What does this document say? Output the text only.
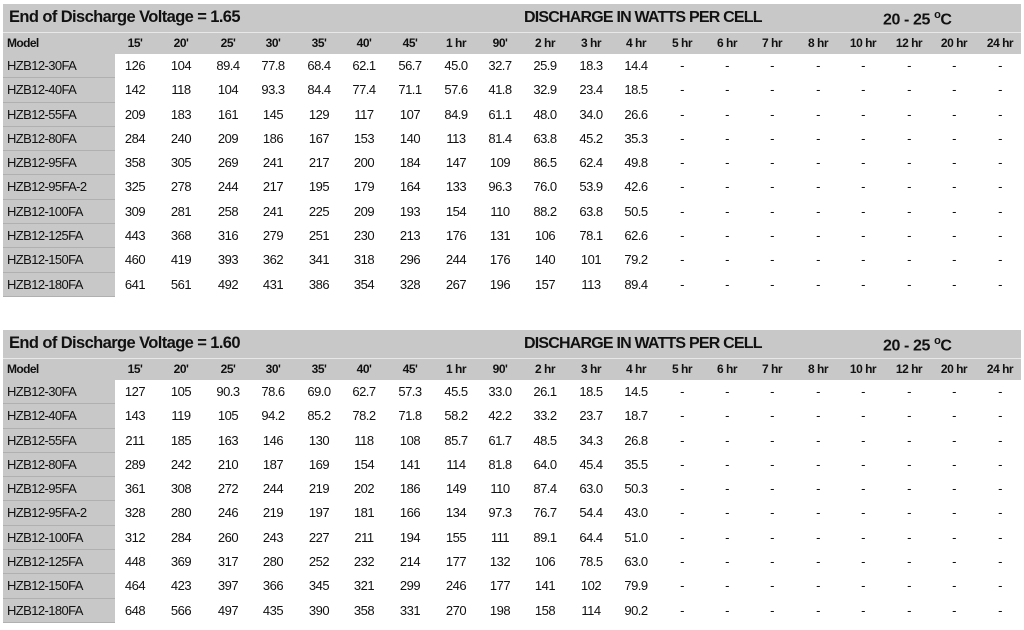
End of Discharge Voltage = 1.65	DISCHARGE IN WATTS PER CELL	20 - 25 $^o$C
Model	15'	20'	25'	30'	35'	40'	45'	1 hr	90'	2 hr	3 hr	4 hr	5 hr	6 hr	7 hr	8 hr	10 hr	12 hr	20 hr	24 hr
HZB12-30FA	126	104	89.4	77.8	68.4	62.1	56.7	45.0	32.7	25.9	18.3	14.4	-	-	-	-	-	-	-	-
HZB12-40FA	142	118	104	93.3	84.4	77.4	71.1	57.6	41.8	32.9	23.4	18.5	-	-	-	-	-	-	-	-
HZB12-55FA	209	183	161	145	129	117	107	84.9	61.1	48.0	34.0	26.6	-	-	-	-	-	-	-	-
HZB12-80FA	284	240	209	186	167	153	140	113	81.4	63.8	45.2	35.3	-	-	-	-	-	-	-	-
HZB12-95FA	358	305	269	241	217	200	184	147	109	86.5	62.4	49.8	-	-	-	-	-	-	-	-
HZB12-95FA-2	325	278	244	217	195	179	164	133	96.3	76.0	53.9	42.6	-	-	-	-	-	-	-	-
HZB12-100FA	309	281	258	241	225	209	193	154	110	88.2	63.8	50.5	-	-	-	-	-	-	-	-
HZB12-125FA	443	368	316	279	251	230	213	176	131	106	78.1	62.6	-	-	-	-	-	-	-	-
HZB12-150FA	460	419	393	362	341	318	296	244	176	140	101	79.2	-	-	-	-	-	-	-	-
HZB12-180FA	641	561	492	431	386	354	328	267	196	157	113	89.4	-	-	-	-	-	-	-	-
End of Discharge Voltage = 1.60	DISCHARGE IN WATTS PER CELL	20 - 25 $^o$C
Model	15'	20'	25'	30'	35'	40'	45'	1 hr	90'	2 hr	3 hr	4 hr	5 hr	6 hr	7 hr	8 hr	10 hr	12 hr	20 hr	24 hr
HZB12-30FA	127	105	90.3	78.6	69.0	62.7	57.3	45.5	33.0	26.1	18.5	14.5	-	-	-	-	-	-	-	-
HZB12-40FA	143	119	105	94.2	85.2	78.2	71.8	58.2	42.2	33.2	23.7	18.7	-	-	-	-	-	-	-	-
HZB12-55FA	211	185	163	146	130	118	108	85.7	61.7	48.5	34.3	26.8	-	-	-	-	-	-	-	-
HZB12-80FA	289	242	210	187	169	154	141	114	81.8	64.0	45.4	35.5	-	-	-	-	-	-	-	-
HZB12-95FA	361	308	272	244	219	202	186	149	110	87.4	63.0	50.3	-	-	-	-	-	-	-	-
HZB12-95FA-2	328	280	246	219	197	181	166	134	97.3	76.7	54.4	43.0	-	-	-	-	-	-	-	-
HZB12-100FA	312	284	260	243	227	211	194	155	111	89.1	64.4	51.0	-	-	-	-	-	-	-	-
HZB12-125FA	448	369	317	280	252	232	214	177	132	106	78.5	63.0	-	-	-	-	-	-	-	-
HZB12-150FA	464	423	397	366	345	321	299	246	177	141	102	79.9	-	-	-	-	-	-	-	-
HZB12-180FA	648	566	497	435	390	358	331	270	198	158	114	90.2	-	-	-	-	-	-	-	-
